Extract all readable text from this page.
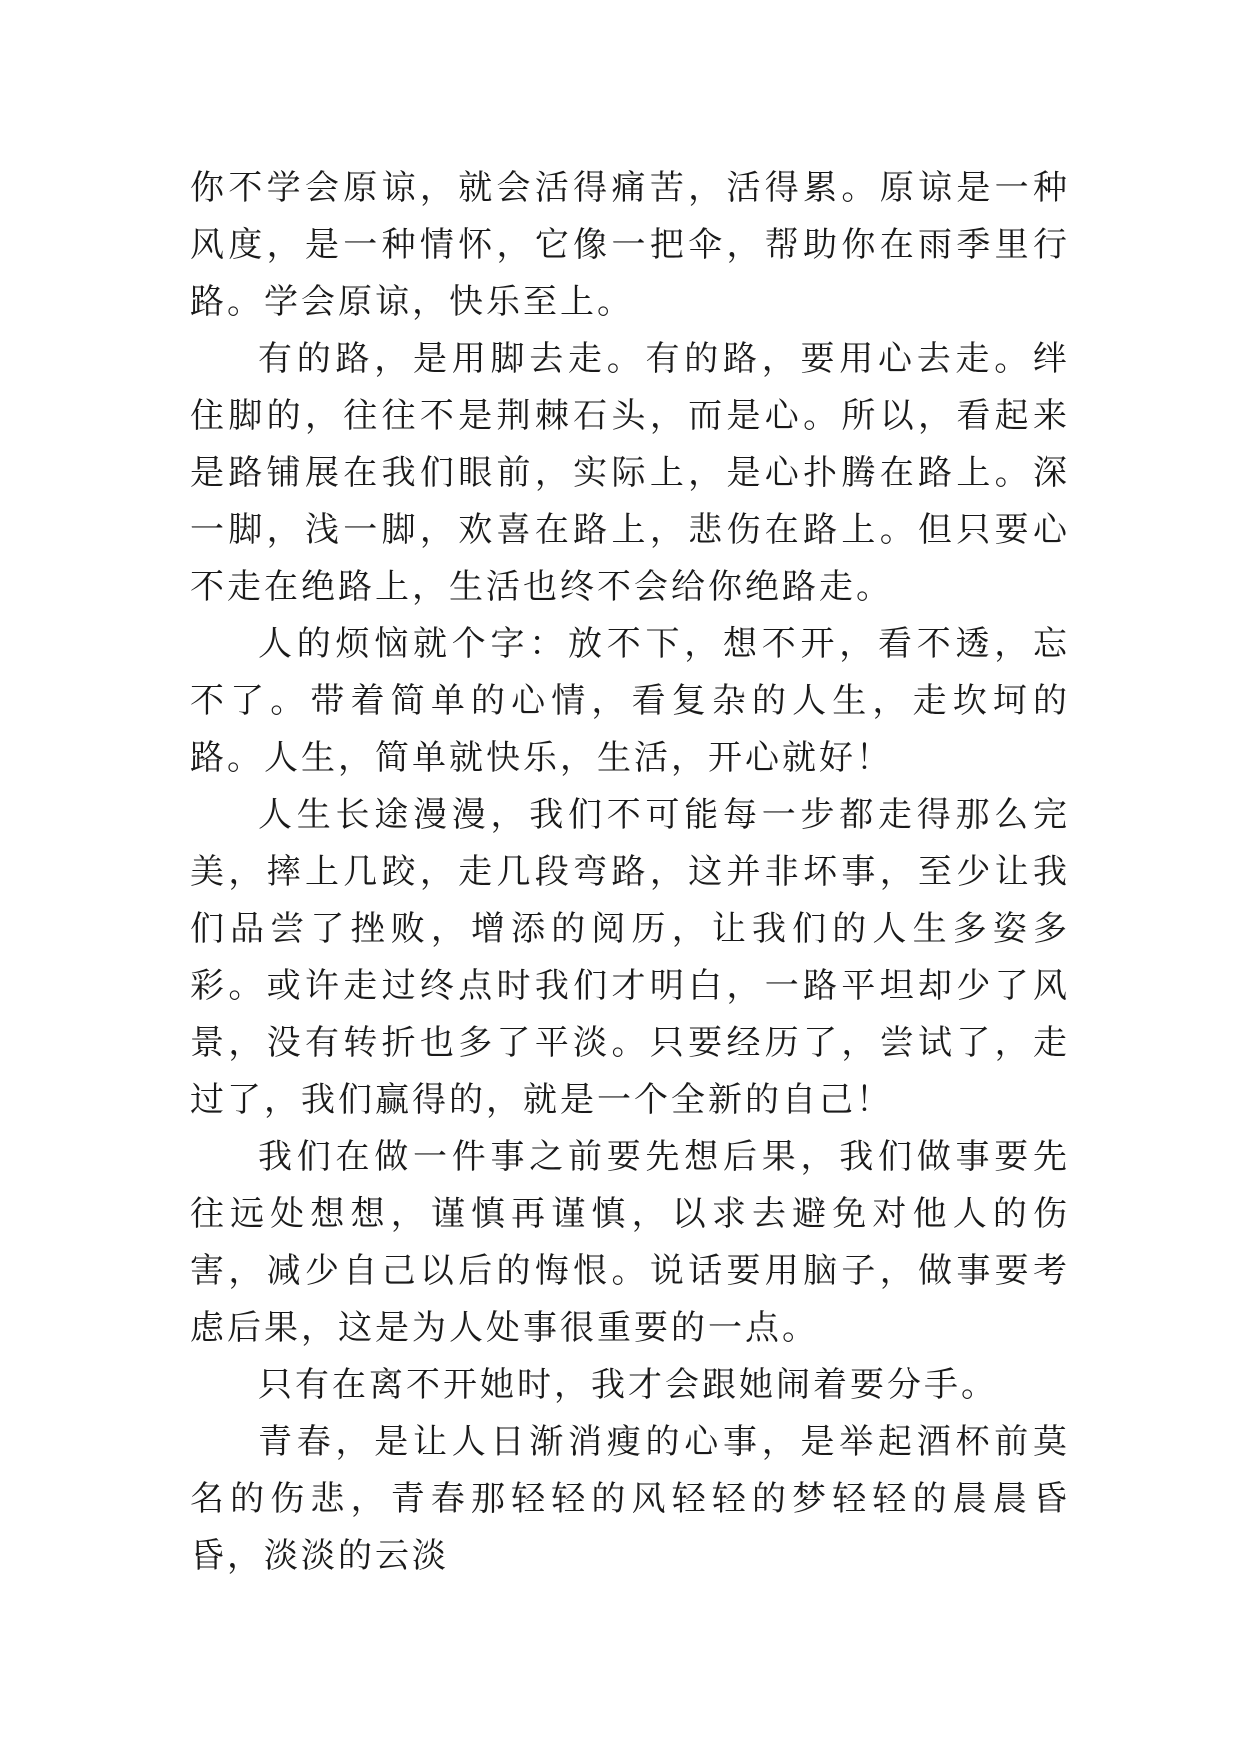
你不学会原谅，就会活得痛苦，活得累。原谅是一种风度，是一种情怀，它像一把伞，帮助你在雨季里行路。学会原谅，快乐至上。

有的路，是用脚去走。有的路，要用心去走。绊住脚的，往往不是荆棘石头，而是心。所以，看起来是路铺展在我们眼前，实际上，是心扑腾在路上。深一脚，浅一脚，欢喜在路上，悲伤在路上。但只要心不走在绝路上，生活也终不会给你绝路走。

人的烦恼就个字：放不下，想不开，看不透，忘不了。带着简单的心情，看复杂的人生，走坎坷的路。人生，简单就快乐，生活，开心就好！

人生长途漫漫，我们不可能每一步都走得那么完美，摔上几跤，走几段弯路，这并非坏事，至少让我们品尝了挫败，增添的阅历，让我们的人生多姿多彩。或许走过终点时我们才明白，一路平坦却少了风景，没有转折也多了平淡。只要经历了，尝试了，走过了，我们赢得的，就是一个全新的自己！

我们在做一件事之前要先想后果，我们做事要先往远处想想，谨慎再谨慎，以求去避免对他人的伤害，减少自己以后的悔恨。说话要用脑子，做事要考虑后果，这是为人处事很重要的一点。

只有在离不开她时，我才会跟她闹着要分手。

青春，是让人日渐消瘦的心事，是举起酒杯前莫名的伤悲，青春那轻轻的风轻轻的梦轻轻的晨晨昏昏，淡淡的云淡
